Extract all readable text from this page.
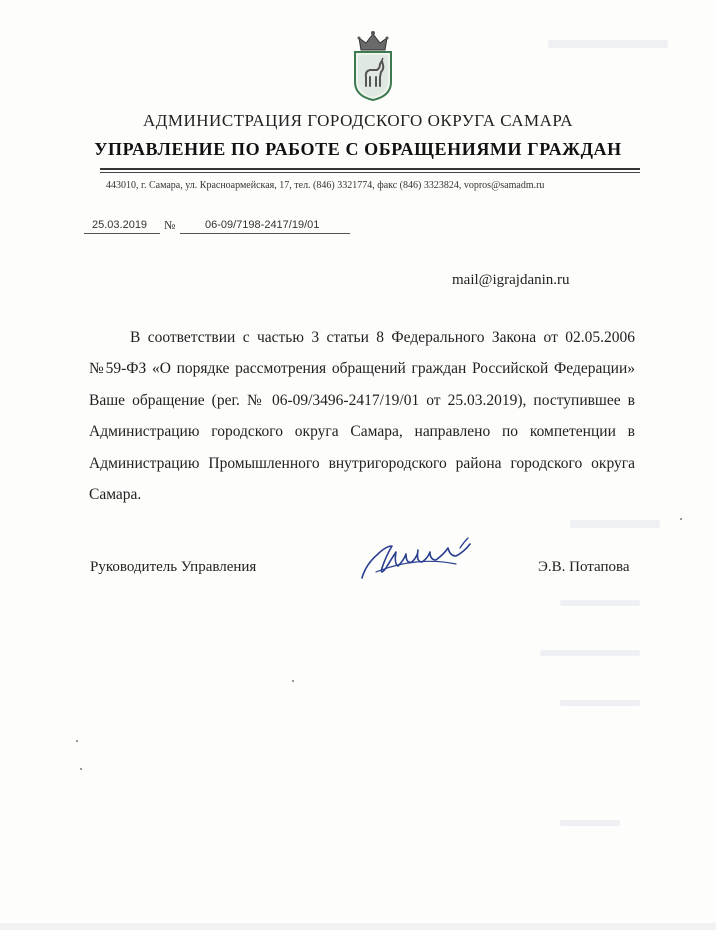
АДМИНИСТРАЦИЯ ГОРОДСКОГО ОКРУГА САМАРА
УПРАВЛЕНИЕ ПО РАБОТЕ С ОБРАЩЕНИЯМИ ГРАЖДАН
443010, г. Самара, ул. Красноармейская, 17, тел. (846) 3321774, факс (846) 3323824, vopros@samadm.ru
25.03.2019 №	06-09/7198-2417/19/01
mail@igrajdanin.ru
В соответствии с частью 3 статьи 8 Федерального Закона от 02.05.2006 №59-ФЗ «О порядке рассмотрения обращений граждан Российской Федерации» Ваше обращение (рег. № 06-09/3496-2417/19/01 от 25.03.2019), поступившее в Администрацию городского округа Самара, направлено по компетенции в Администрацию Промышленного внутригородского района городского округа Самара.
Руководитель Управления	Э.В. Потапова
